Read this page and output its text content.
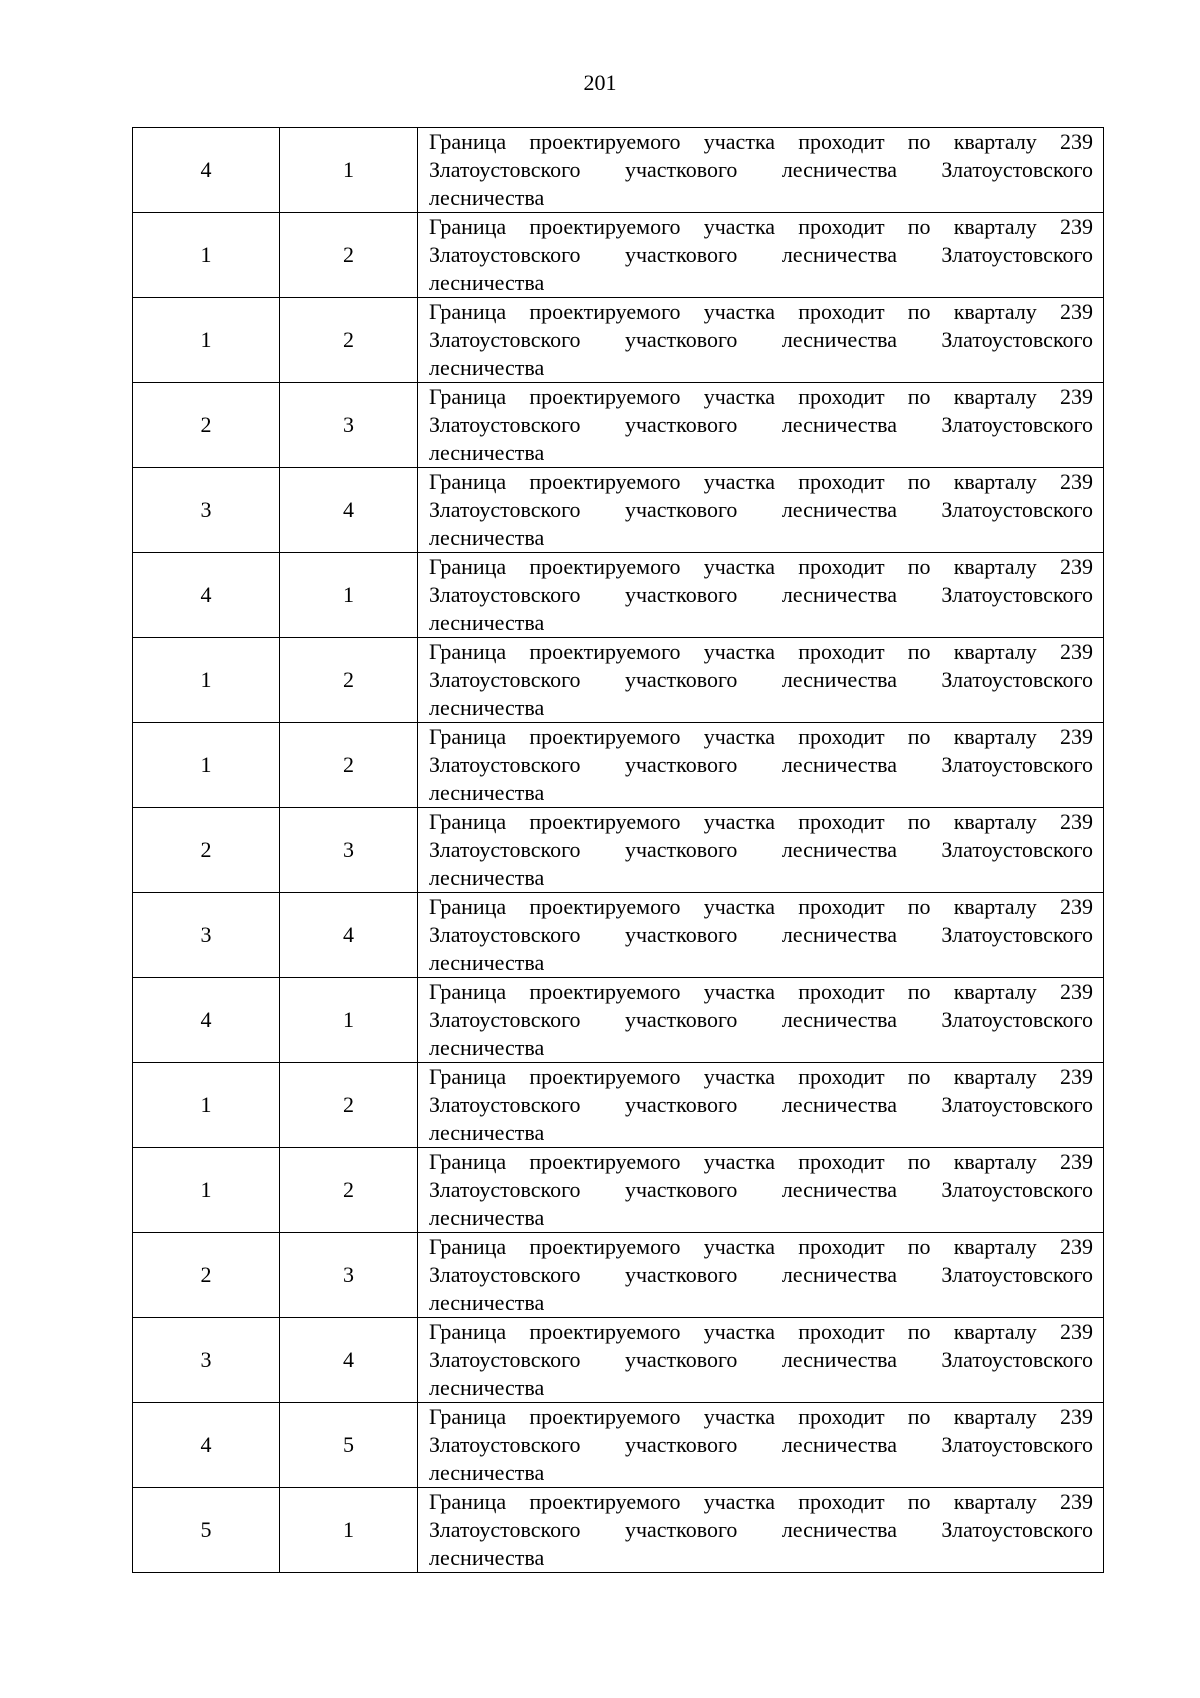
201
4	1	Граница проектируемого участка проходит по кварталу 239 Златоустовского участкового лесничества Златоустовского лесничества
1	2	Граница проектируемого участка проходит по кварталу 239 Златоустовского участкового лесничества Златоустовского лесничества
1	2	Граница проектируемого участка проходит по кварталу 239 Златоустовского участкового лесничества Златоустовского лесничества
2	3	Граница проектируемого участка проходит по кварталу 239 Златоустовского участкового лесничества Златоустовского лесничества
3	4	Граница проектируемого участка проходит по кварталу 239 Златоустовского участкового лесничества Златоустовского лесничества
4	1	Граница проектируемого участка проходит по кварталу 239 Златоустовского участкового лесничества Златоустовского лесничества
1	2	Граница проектируемого участка проходит по кварталу 239 Златоустовского участкового лесничества Златоустовского лесничества
1	2	Граница проектируемого участка проходит по кварталу 239 Златоустовского участкового лесничества Златоустовского лесничества
2	3	Граница проектируемого участка проходит по кварталу 239 Златоустовского участкового лесничества Златоустовского лесничества
3	4	Граница проектируемого участка проходит по кварталу 239 Златоустовского участкового лесничества Златоустовского лесничества
4	1	Граница проектируемого участка проходит по кварталу 239 Златоустовского участкового лесничества Златоустовского лесничества
1	2	Граница проектируемого участка проходит по кварталу 239 Златоустовского участкового лесничества Златоустовского лесничества
1	2	Граница проектируемого участка проходит по кварталу 239 Златоустовского участкового лесничества Златоустовского лесничества
2	3	Граница проектируемого участка проходит по кварталу 239 Златоустовского участкового лесничества Златоустовского лесничества
3	4	Граница проектируемого участка проходит по кварталу 239 Златоустовского участкового лесничества Златоустовского лесничества
4	5	Граница проектируемого участка проходит по кварталу 239 Златоустовского участкового лесничества Златоустовского лесничества
5	1	Граница проектируемого участка проходит по кварталу 239 Златоустовского участкового лесничества Златоустовского лесничества
